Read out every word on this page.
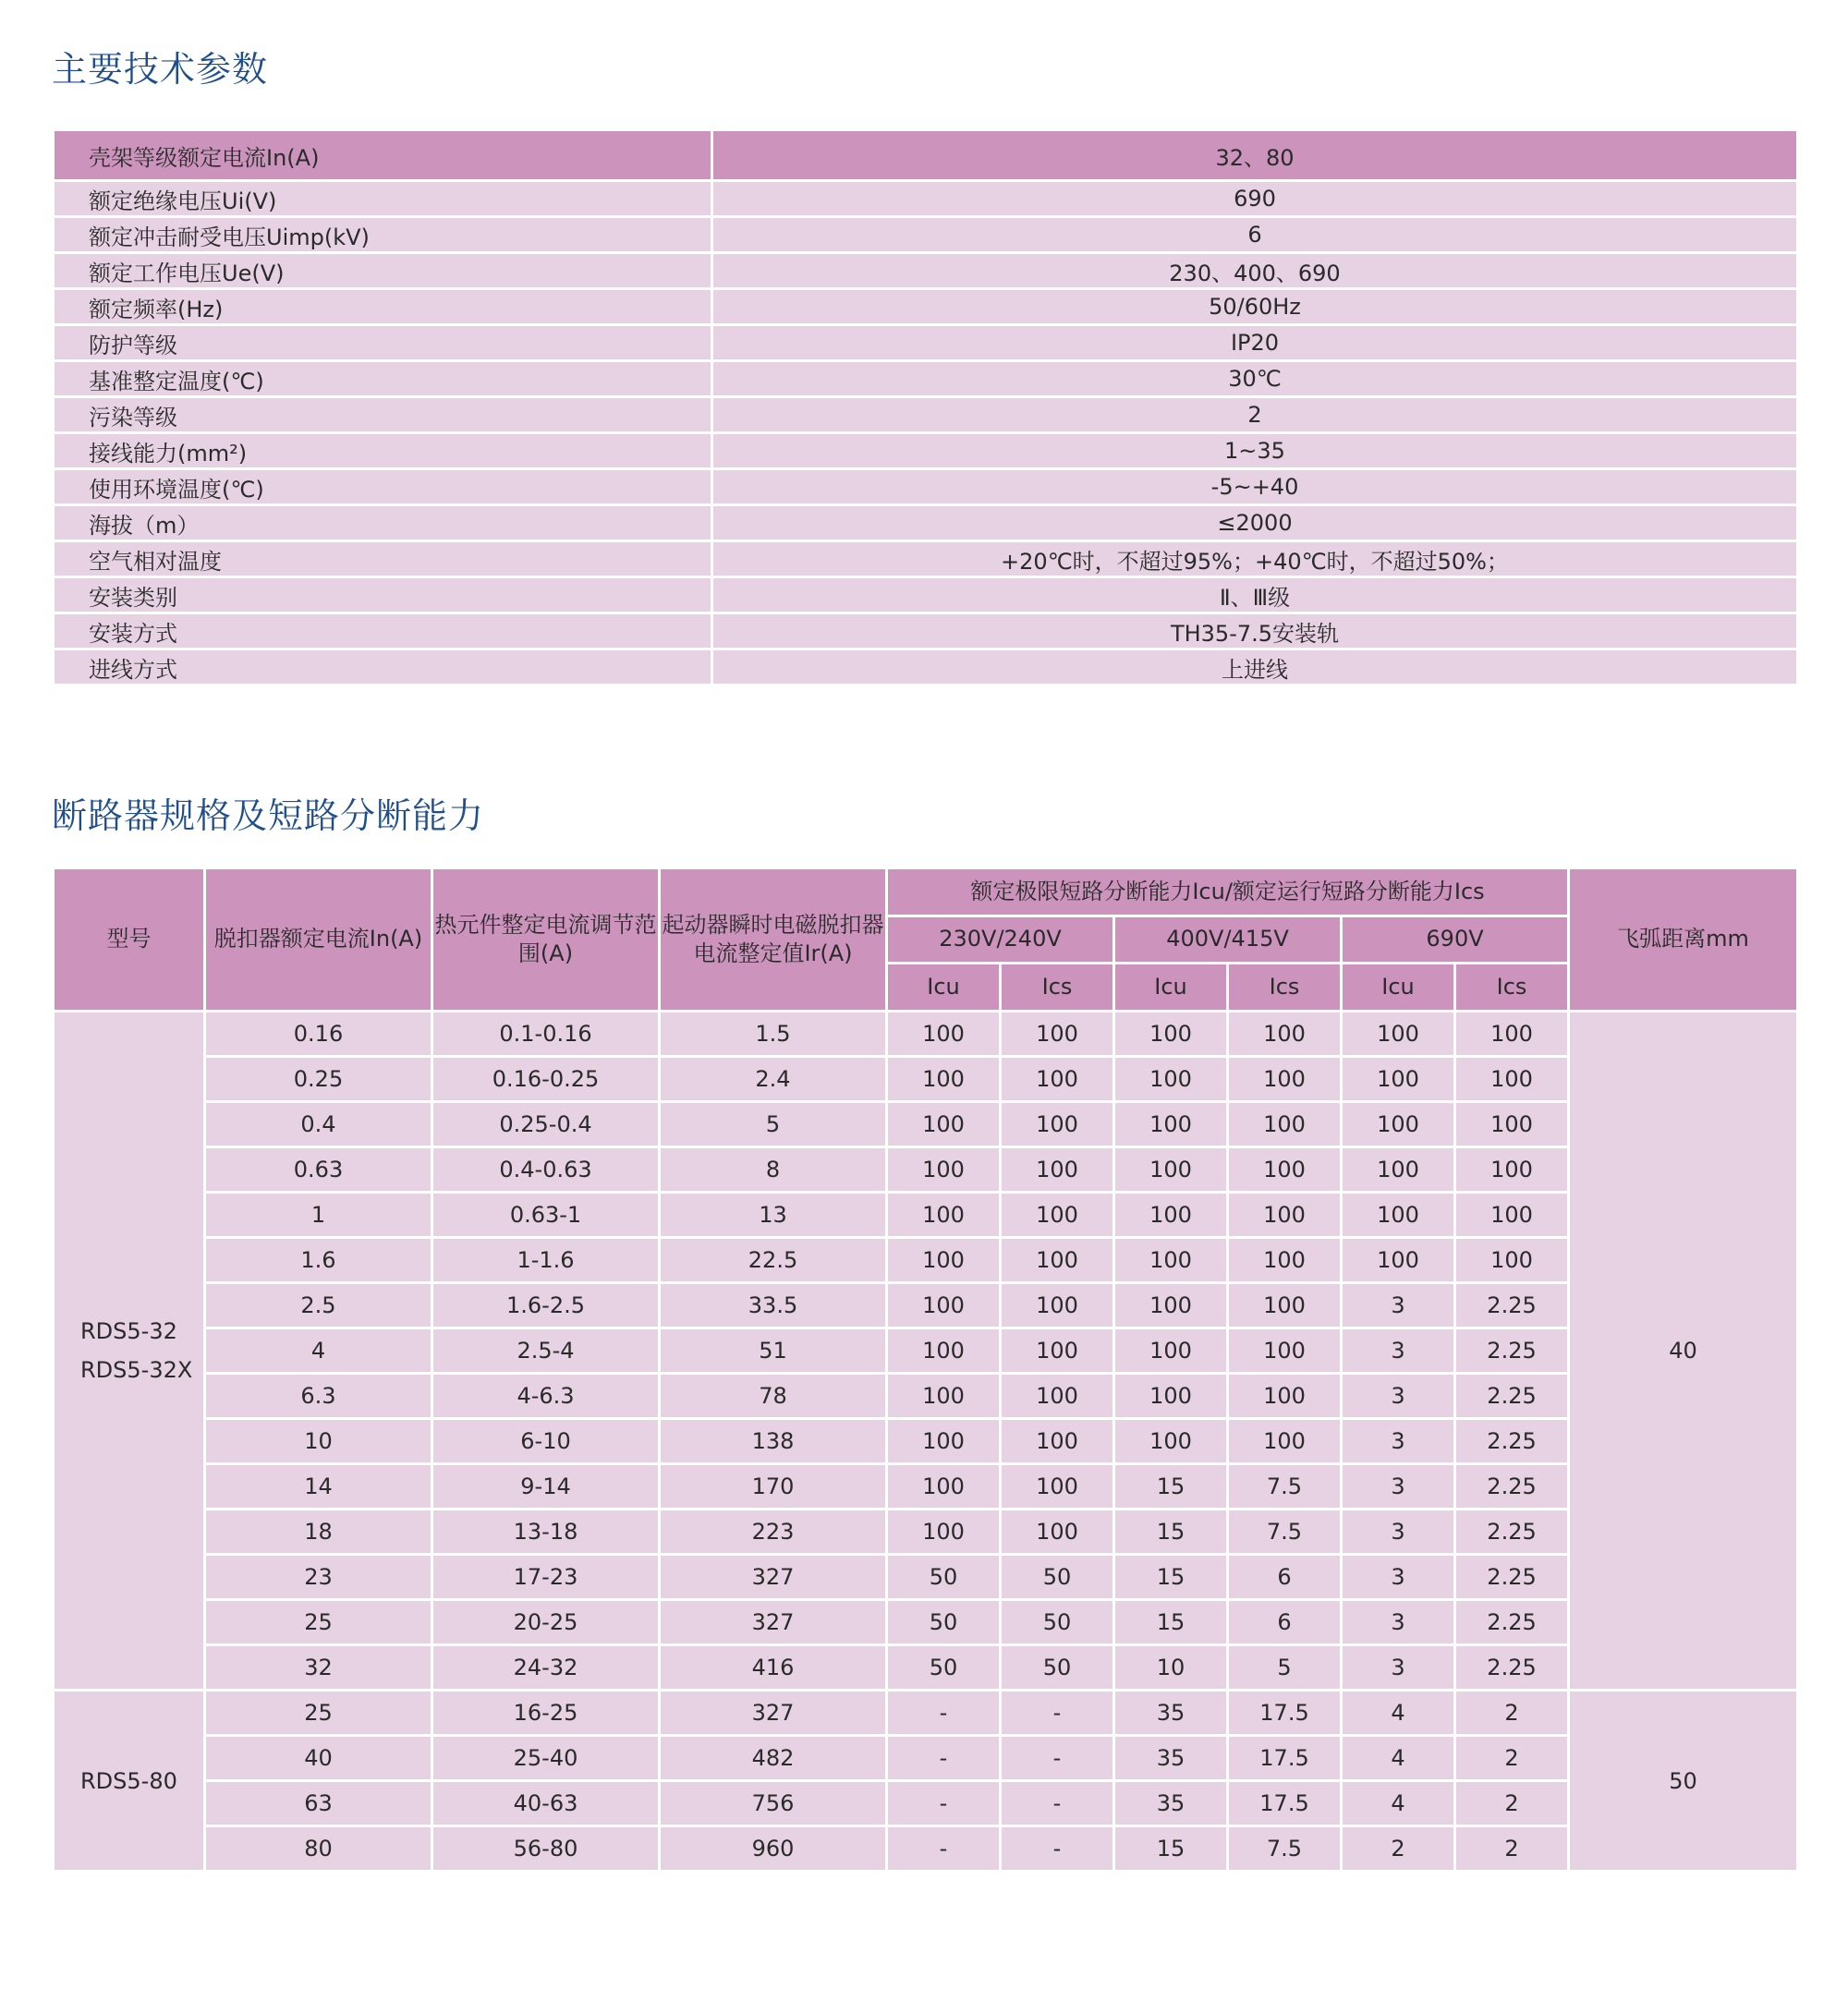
主要技术参数
壳架等级额定电流Ⅰn(A)	32、80
额定绝缘电压Ui(V)	690
额定冲击耐受电压Uimp(kV)	6
额定工作电压Ue(V)	230、400、690
额定频率(Hz)	50/60Hz
防护等级	IP20
基准整定温度(℃)	30℃
污染等级	2
接线能力(mm²)	1~35
使用环境温度(℃)	-5~+40
海拔（m）	≤2000
空气相对温度	+20℃时，不超过95%；+40℃时，不超过50%；
安装类别	Ⅱ、Ⅲ级
安装方式	TH35-7.5安装轨
进线方式	上进线
断路器规格及短路分断能力
型号	脱扣器额定电流In(A)	热元件整定电流调节范围(A)	起动器瞬时电磁脱扣器电流整定值Ir(A)	额定极限短路分断能力Icu/额定运行短路分断能力Ics						飞弧距离mm
				230V/240V		400V/415V		690V		
				Icu	Ics	Icu	Ics	Icu	Ics	

RDS5-32
RDS5-32X	0.16	0.1-0.16	1.5	100	100	100	100	100	100	40
	0.25	0.16-0.25	2.4	100	100	100	100	100	100	
	0.4	0.25-0.4	5	100	100	100	100	100	100	
	0.63	0.4-0.63	8	100	100	100	100	100	100	
	1	0.63-1	13	100	100	100	100	100	100	
	1.6	1-1.6	22.5	100	100	100	100	100	100	
	2.5	1.6-2.5	33.5	100	100	100	100	3	2.25	
	4	2.5-4	51	100	100	100	100	3	2.25	
	6.3	4-6.3	78	100	100	100	100	3	2.25	
	10	6-10	138	100	100	100	100	3	2.25	
	14	9-14	170	100	100	15	7.5	3	2.25	
	18	13-18	223	100	100	15	7.5	3	2.25	
	23	17-23	327	50	50	15	6	3	2.25	
	25	20-25	327	50	50	15	6	3	2.25	
	32	24-32	416	50	50	10	5	3	2.25	

RDS5-80	25	16-25	327	-	-	35	17.5	4	2	50
	40	25-40	482	-	-	35	17.5	4	2	
	63	40-63	756	-	-	35	17.5	4	2	
	80	56-80	960	-	-	15	7.5	2	2	
